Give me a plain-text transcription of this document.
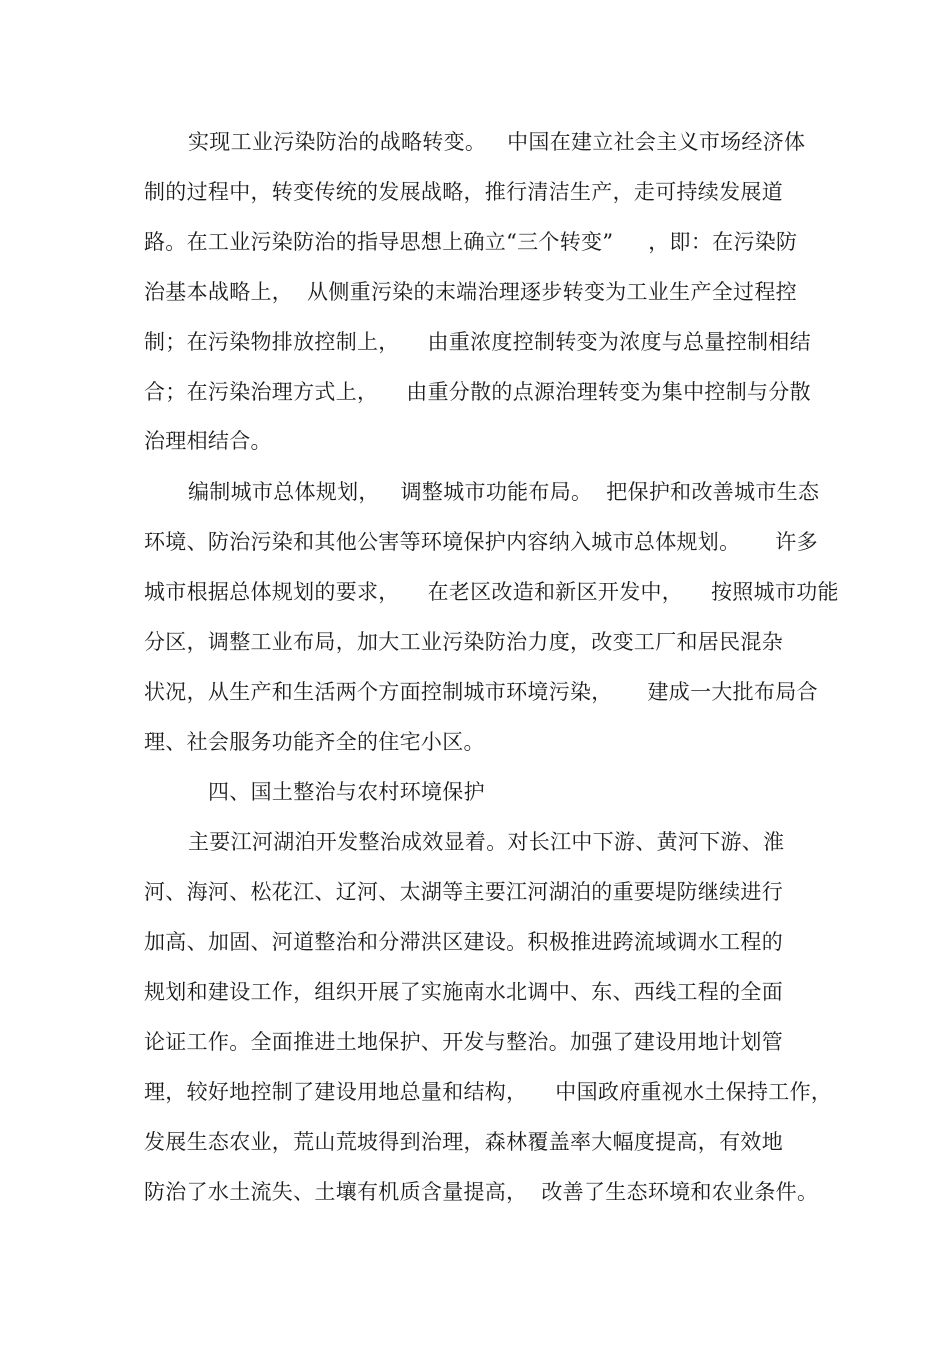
实现工业污染防治的战略转变。   中国在建立社会主义市场经济体
制的过程中，转变传统的发展战略，推行清洁生产，走可持续发展道
路。在工业污染防治的指导思想上确立“三个转变”     ，即：在污染防
治基本战略上，  从侧重污染的末端治理逐步转变为工业生产全过程控
制；在污染物排放控制上，    由重浓度控制转变为浓度与总量控制相结
合；在污染治理方式上，    由重分散的点源治理转变为集中控制与分散
治理相结合。
编制城市总体规划，   调整城市功能布局。  把保护和改善城市生态
环境、防治污染和其他公害等环境保护内容纳入城市总体规划。     许多
城市根据总体规划的要求，    在老区改造和新区开发中，    按照城市功能
分区，调整工业布局，加大工业污染防治力度，改变工厂和居民混杂
状况，从生产和生活两个方面控制城市环境污染，     建成一大批布局合
理、社会服务功能齐全的住宅小区。
四、国土整治与农村环境保护
主要江河湖泊开发整治成效显着。对长江中下游、黄河下游、淮
河、海河、松花江、辽河、太湖等主要江河湖泊的重要堤防继续进行
加高、加固、河道整治和分滞洪区建设。积极推进跨流域调水工程的
规划和建设工作，组织开展了实施南水北调中、东、西线工程的全面
论证工作。全面推进土地保护、开发与整治。加强了建设用地计划管
理，较好地控制了建设用地总量和结构，    中国政府重视水土保持工作，
发展生态农业，荒山荒坡得到治理，森林覆盖率大幅度提高，有效地
防治了水土流失、土壤有机质含量提高，  改善了生态环境和农业条件。
